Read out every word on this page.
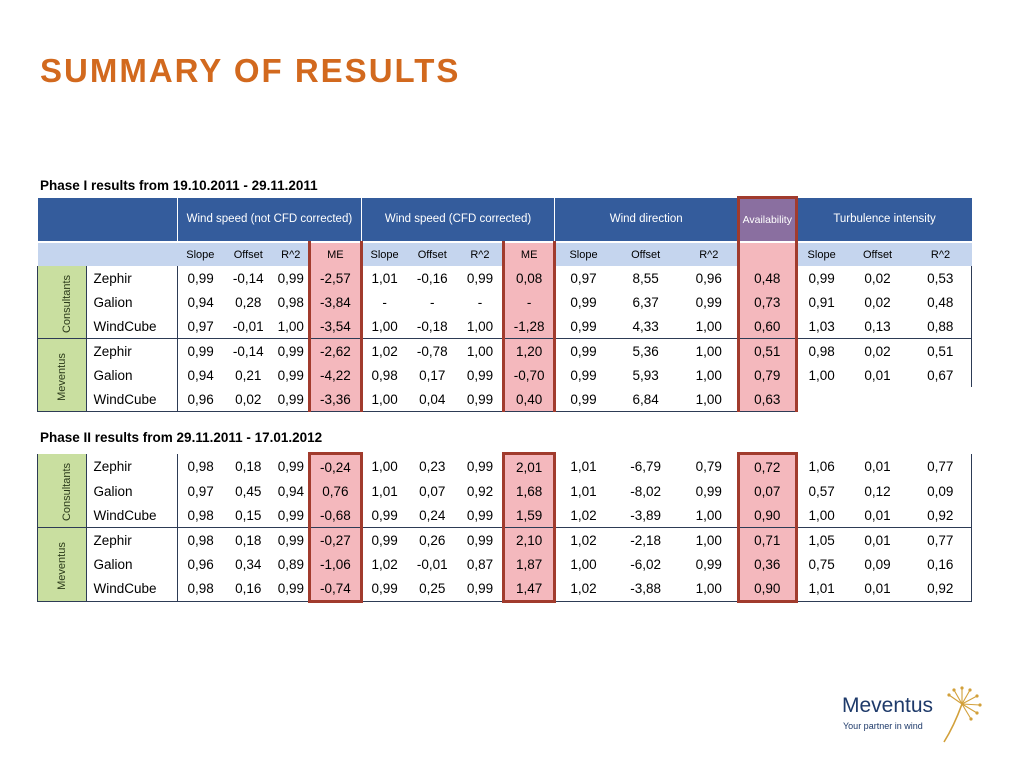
SUMMARY OF RESULTS
Phase I results from 19.10.2011 - 29.11.2011
		Wind speed (not CFD corrected)				Wind speed (CFD corrected)				Wind direction			Availability	Turbulence intensity		
		Slope	Offset	R^2	ME	Slope	Offset	R^2	ME	Slope	Offset	R^2		Slope	Offset	R^2
Consultants	Zephir	0,99	-0,14	0,99	-2,57	1,01	-0,16	0,99	0,08	0,97	8,55	0,96	0,48	0,99	0,02	0,53
	Galion	0,94	0,28	0,98	-3,84	-	-	-	-	0,99	6,37	0,99	0,73	0,91	0,02	0,48
	WindCube	0,97	-0,01	1,00	-3,54	1,00	-0,18	1,00	-1,28	0,99	4,33	1,00	0,60	1,03	0,13	0,88
Meventus	Zephir	0,99	-0,14	0,99	-2,62	1,02	-0,78	1,00	1,20	0,99	5,36	1,00	0,51	0,98	0,02	0,51
	Galion	0,94	0,21	0,99	-4,22	0,98	0,17	0,99	-0,70	0,99	5,93	1,00	0,79	1,00	0,01	0,67
	WindCube	0,96	0,02	0,99	-3,36	1,00	0,04	0,99	0,40	0,99	6,84	1,00	0,63			
Phase II results from 29.11.2011 - 17.01.2012
Consultants	Zephir	0,98	0,18	0,99	-0,24	1,00	0,23	0,99	2,01	1,01	-6,79	0,79	0,72	1,06	0,01	0,77
	Galion	0,97	0,45	0,94	0,76	1,01	0,07	0,92	1,68	1,01	-8,02	0,99	0,07	0,57	0,12	0,09
	WindCube	0,98	0,15	0,99	-0,68	0,99	0,24	0,99	1,59	1,02	-3,89	1,00	0,90	1,00	0,01	0,92
Meventus	Zephir	0,98	0,18	0,99	-0,27	0,99	0,26	0,99	2,10	1,02	-2,18	1,00	0,71	1,05	0,01	0,77
	Galion	0,96	0,34	0,89	-1,06	1,02	-0,01	0,87	1,87	1,00	-6,02	0,99	0,36	0,75	0,09	0,16
	WindCube	0,98	0,16	0,99	-0,74	0,99	0,25	0,99	1,47	1,02	-3,88	1,00	0,90	1,01	0,01	0,92
Meventus
Your partner in wind
